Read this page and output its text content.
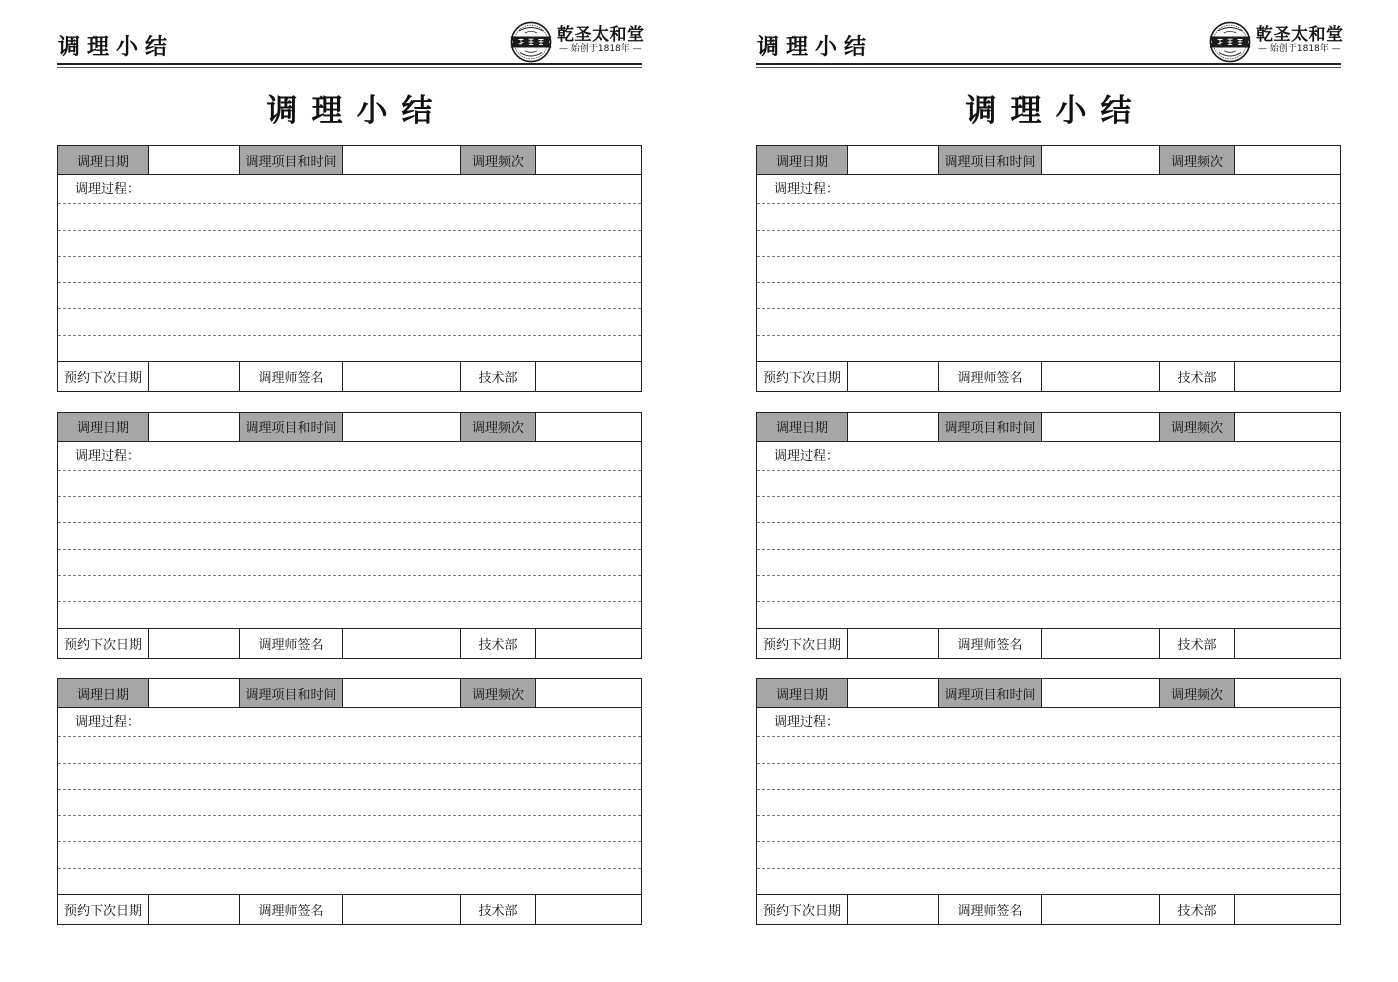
调理小结	乾圣太和堂
— 始创于1818年 —
调理小结
调理日期	调理项目和时间	调理频次
调理过程：
预约下次日期	调理师签名	技术部
调理日期	调理项目和时间	调理频次
调理过程：
预约下次日期	调理师签名	技术部
调理日期	调理项目和时间	调理频次
调理过程：
预约下次日期	调理师签名	技术部
调理小结	乾圣太和堂
— 始创于1818年 —
调理小结
调理日期	调理项目和时间	调理频次
调理过程：
预约下次日期	调理师签名	技术部
调理日期	调理项目和时间	调理频次
调理过程：
预约下次日期	调理师签名	技术部
调理日期	调理项目和时间	调理频次
调理过程：
预约下次日期	调理师签名	技术部
